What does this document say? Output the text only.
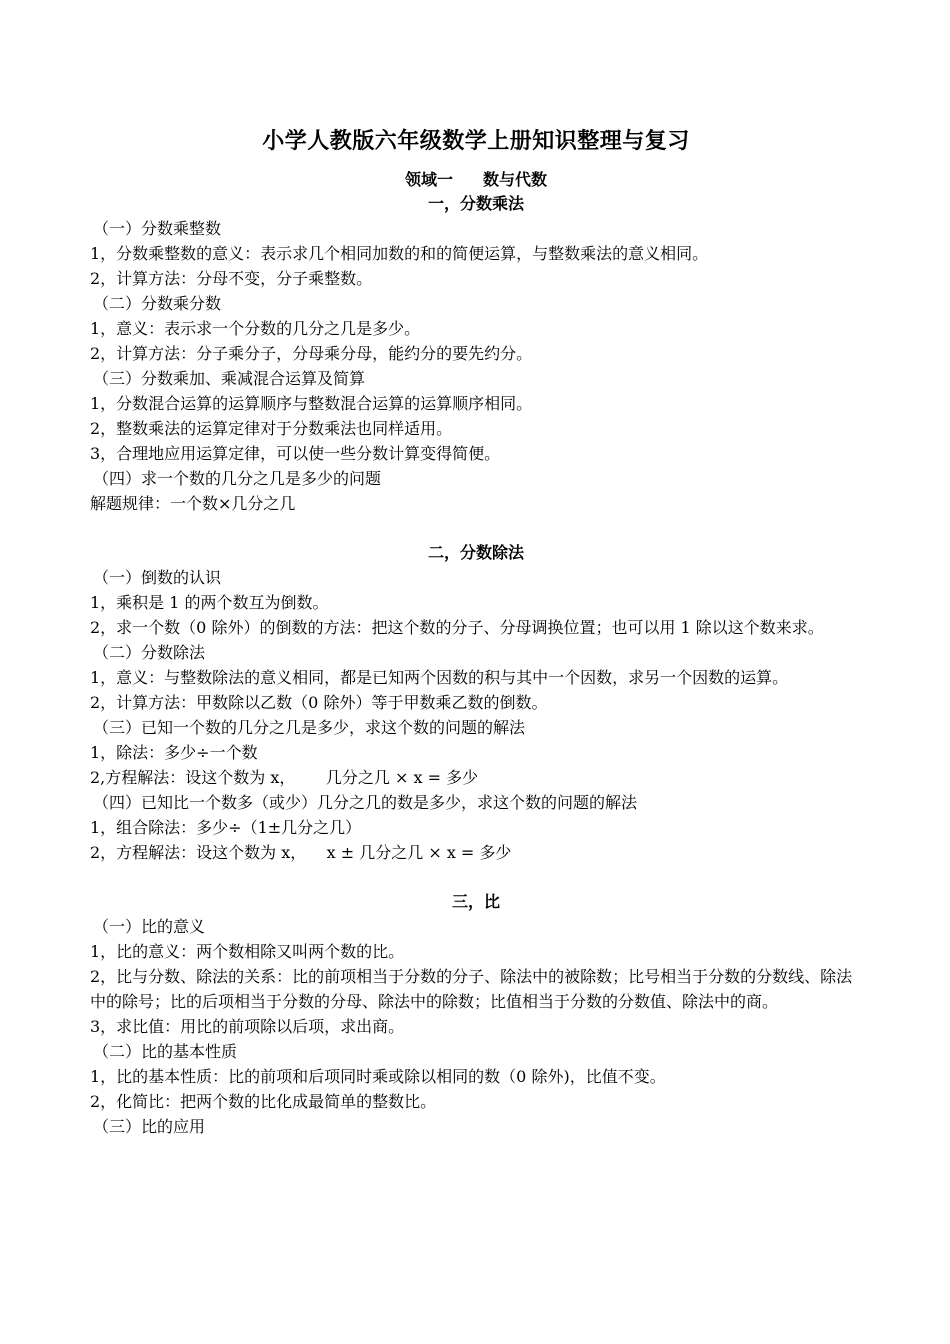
小学人教版六年级数学上册知识整理与复习
领域一 数与代数
一，分数乘法
（一）分数乘整数
1，分数乘整数的意义：表示求几个相同加数的和的简便运算，与整数乘法的意义相同。
2，计算方法：分母不变，分子乘整数。
（二）分数乘分数
1，意义：表示求一个分数的几分之几是多少。
2，计算方法：分子乘分子，分母乘分母，能约分的要先约分。
（三）分数乘加、乘减混合运算及简算
1，分数混合运算的运算顺序与整数混合运算的运算顺序相同。
2，整数乘法的运算定律对于分数乘法也同样适用。
3，合理地应用运算定律，可以使一些分数计算变得简便。
（四）求一个数的几分之几是多少的问题
解题规律：一个数×几分之几
二，分数除法
（一）倒数的认识
1，乘积是 1 的两个数互为倒数。
2，求一个数（0 除外）的倒数的方法：把这个数的分子、分母调换位置；也可以用 1 除以这个数来求。
（二）分数除法
1，意义：与整数除法的意义相同，都是已知两个因数的积与其中一个因数，求另一个因数的运算。
2，计算方法：甲数除以乙数（0 除外）等于甲数乘乙数的倒数。
（三）已知一个数的几分之几是多少，求这个数的问题的解法
1，除法：多少÷一个数
2,方程解法：设这个数为 x，      几分之几 × x = 多少
（四）已知比一个数多（或少）几分之几的数是多少，求这个数的问题的解法
1，组合除法：多少÷（1±几分之几）
2，方程解法：设这个数为 x，    x ± 几分之几 × x = 多少
三，比
（一）比的意义
1，比的意义：两个数相除又叫两个数的比。
2，比与分数、除法的关系：比的前项相当于分数的分子、除法中的被除数；比号相当于分数的分数线、除法中的除号；比的后项相当于分数的分母、除法中的除数；比值相当于分数的分数值、除法中的商。
3，求比值：用比的前项除以后项，求出商。
（二）比的基本性质
1，比的基本性质：比的前项和后项同时乘或除以相同的数（0 除外)，比值不变。
2，化简比：把两个数的比化成最简单的整数比。
（三）比的应用
